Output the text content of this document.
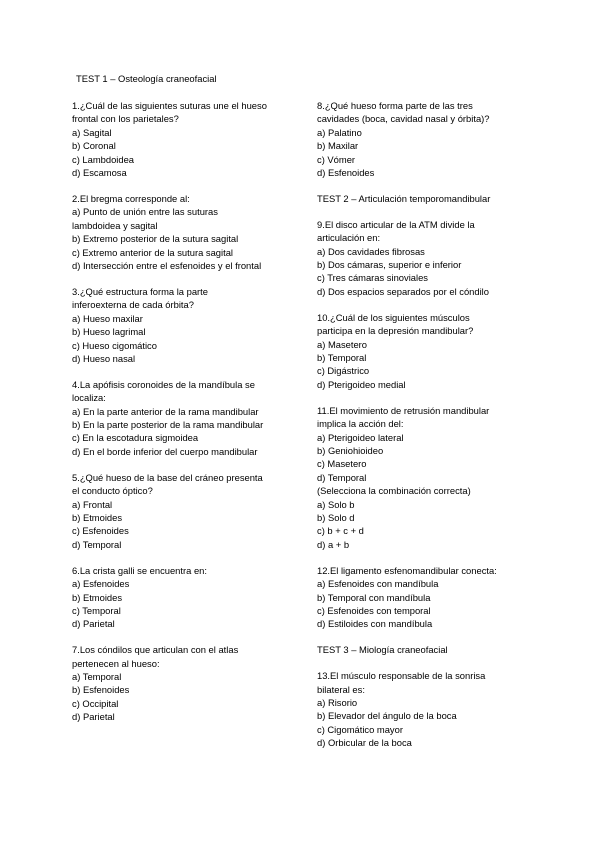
TEST 1 – Osteología craneofacial

1.¿Cuál de las siguientes suturas une el hueso frontal con los parietales?

a) Sagital
b) Coronal
c) Lambdoidea
d) Escamosa

2.El bregma corresponde al:

a) Punto de unión entre las suturas lambdoidea y sagital
b) Extremo posterior de la sutura sagital
c) Extremo anterior de la sutura sagital
d) Intersección entre el esfenoides y el frontal

3.¿Qué estructura forma la parte inferoexterna de cada órbita?

a) Hueso maxilar
b) Hueso lagrimal
c) Hueso cigomático
d) Hueso nasal

4.La apófisis coronoides de la mandíbula se localiza:

a) En la parte anterior de la rama mandibular
b) En la parte posterior de la rama mandibular
c) En la escotadura sigmoidea
d) En el borde inferior del cuerpo mandibular

5.¿Qué hueso de la base del cráneo presenta el conducto óptico?

a) Frontal
b) Etmoides
c) Esfenoides
d) Temporal

6.La crista galli se encuentra en:

a) Esfenoides
b) Etmoides
c) Temporal
d) Parietal

7.Los cóndilos que articulan con el atlas pertenecen al hueso:

a) Temporal
b) Esfenoides
c) Occipital
d) Parietal

8.¿Qué hueso forma parte de las tres cavidades (boca, cavidad nasal y órbita)?

a) Palatino
b) Maxilar
c) Vómer
d) Esfenoides
TEST 2 – Articulación temporomandibular

9.El disco articular de la ATM divide la articulación en:

a) Dos cavidades fibrosas
b) Dos cámaras, superior e inferior
c) Tres cámaras sinoviales
d) Dos espacios separados por el cóndilo

10.¿Cuál de los siguientes músculos participa en la depresión mandibular?

a) Masetero
b) Temporal
c) Digástrico
d) Pterigoideo medial

11.El movimiento de retrusión mandibular implica la acción del:

a) Pterigoideo lateral
b) Geniohioideo
c) Masetero
d) Temporal
(Selecciona la combinación correcta)
a) Solo b
b) Solo d
c) b + c + d
d) a + b

12.El ligamento esfenomandibular conecta:

a) Esfenoides con mandíbula
b) Temporal con mandíbula
c) Esfenoides con temporal
d) Estiloides con mandíbula
TEST 3 – Miología craneofacial

13.El músculo responsable de la sonrisa bilateral es:

a) Risorio
b) Elevador del ángulo de la boca
c) Cigomático mayor
d) Orbicular de la boca
